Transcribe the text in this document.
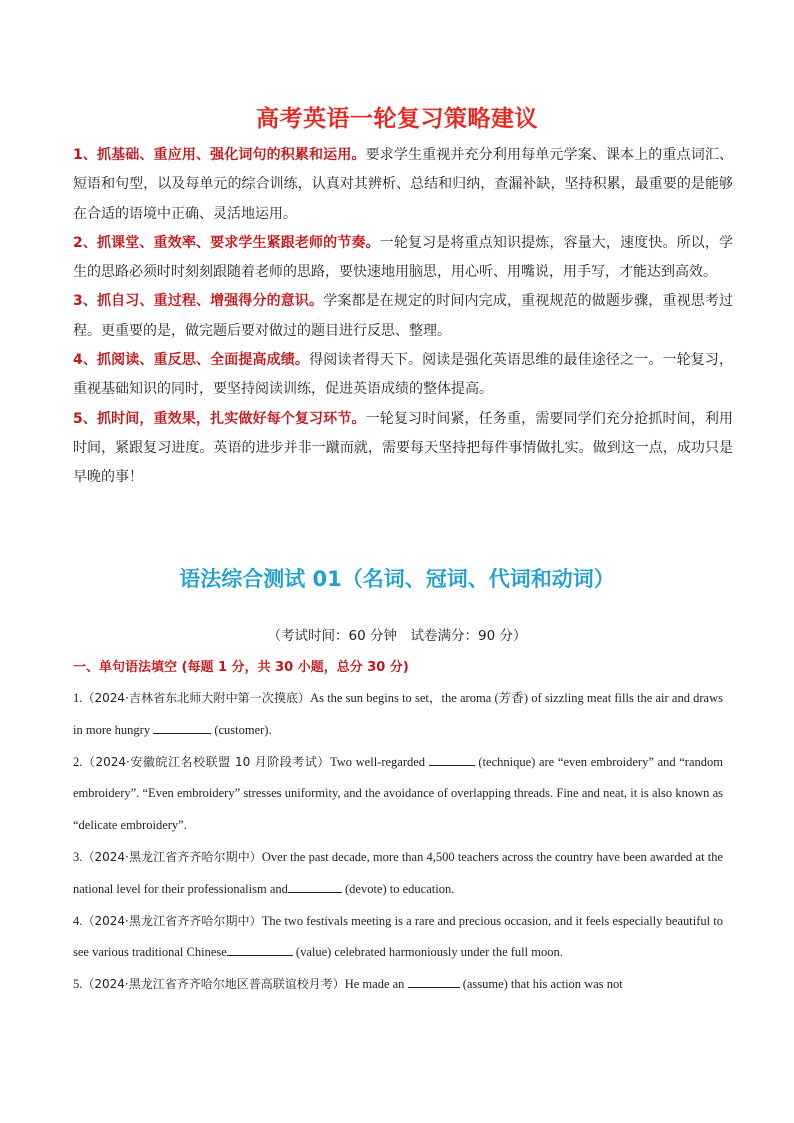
高考英语一轮复习策略建议
1、抓基础、重应用、强化词句的积累和运用。要求学生重视并充分利用每单元学案、课本上的重点词汇、短语和句型，以及每单元的综合训练，认真对其辨析、总结和归纳，查漏补缺，坚持积累，最重要的是能够在合适的语境中正确、灵活地运用。
2、抓课堂、重效率、要求学生紧跟老师的节奏。一轮复习是将重点知识提炼，容量大，速度快。所以，学生的思路必须时时刻刻跟随着老师的思路，要快速地用脑思，用心听、用嘴说，用手写，才能达到高效。
3、抓自习、重过程、增强得分的意识。学案都是在规定的时间内完成，重视规范的做题步骤，重视思考过程。更重要的是，做完题后要对做过的题目进行反思、整理。
4、抓阅读、重反思、全面提高成绩。得阅读者得天下。阅读是强化英语思维的最佳途径之一。一轮复习，重视基础知识的同时，要坚持阅读训练，促进英语成绩的整体提高。
5、抓时间，重效果，扎实做好每个复习环节。一轮复习时间紧，任务重，需要同学们充分抢抓时间，利用时间，紧跟复习进度。英语的进步并非一蹴而就，需要每天坚持把每件事情做扎实。做到这一点，成功只是早晚的事！
语法综合测试 01（名词、冠词、代词和动词）
（考试时间：60 分钟　试卷满分：90 分）
一、单句语法填空 (每题 1 分，共 30 小题，总分 30 分)
1.（2024·吉林省东北师大附中第一次摸底）As the sun begins to set，the aroma (芳香) of sizzling meat fills the air and draws in more hungry	(customer).
2.（2024·安徽皖江名校联盟 10 月阶段考试）Two well-regarded	(technique) are “even embroidery” and “random embroidery”. “Even embroidery” stresses uniformity, and the avoidance of overlapping threads. Fine and neat, it is also known as “delicate embroidery”.
3.（2024·黑龙江省齐齐哈尔期中）Over the past decade, more than 4,500 teachers across the country have been awarded at the national level for their professionalism and	(devote) to education.
4.（2024·黑龙江省齐齐哈尔期中）The two festivals meeting is a rare and precious occasion, and it feels especially beautiful to see various traditional Chinese	(value) celebrated harmoniously under the full moon.
5.（2024·黑龙江省齐齐哈尔地区普高联谊校月考）He made an	(assume) that his action was not
